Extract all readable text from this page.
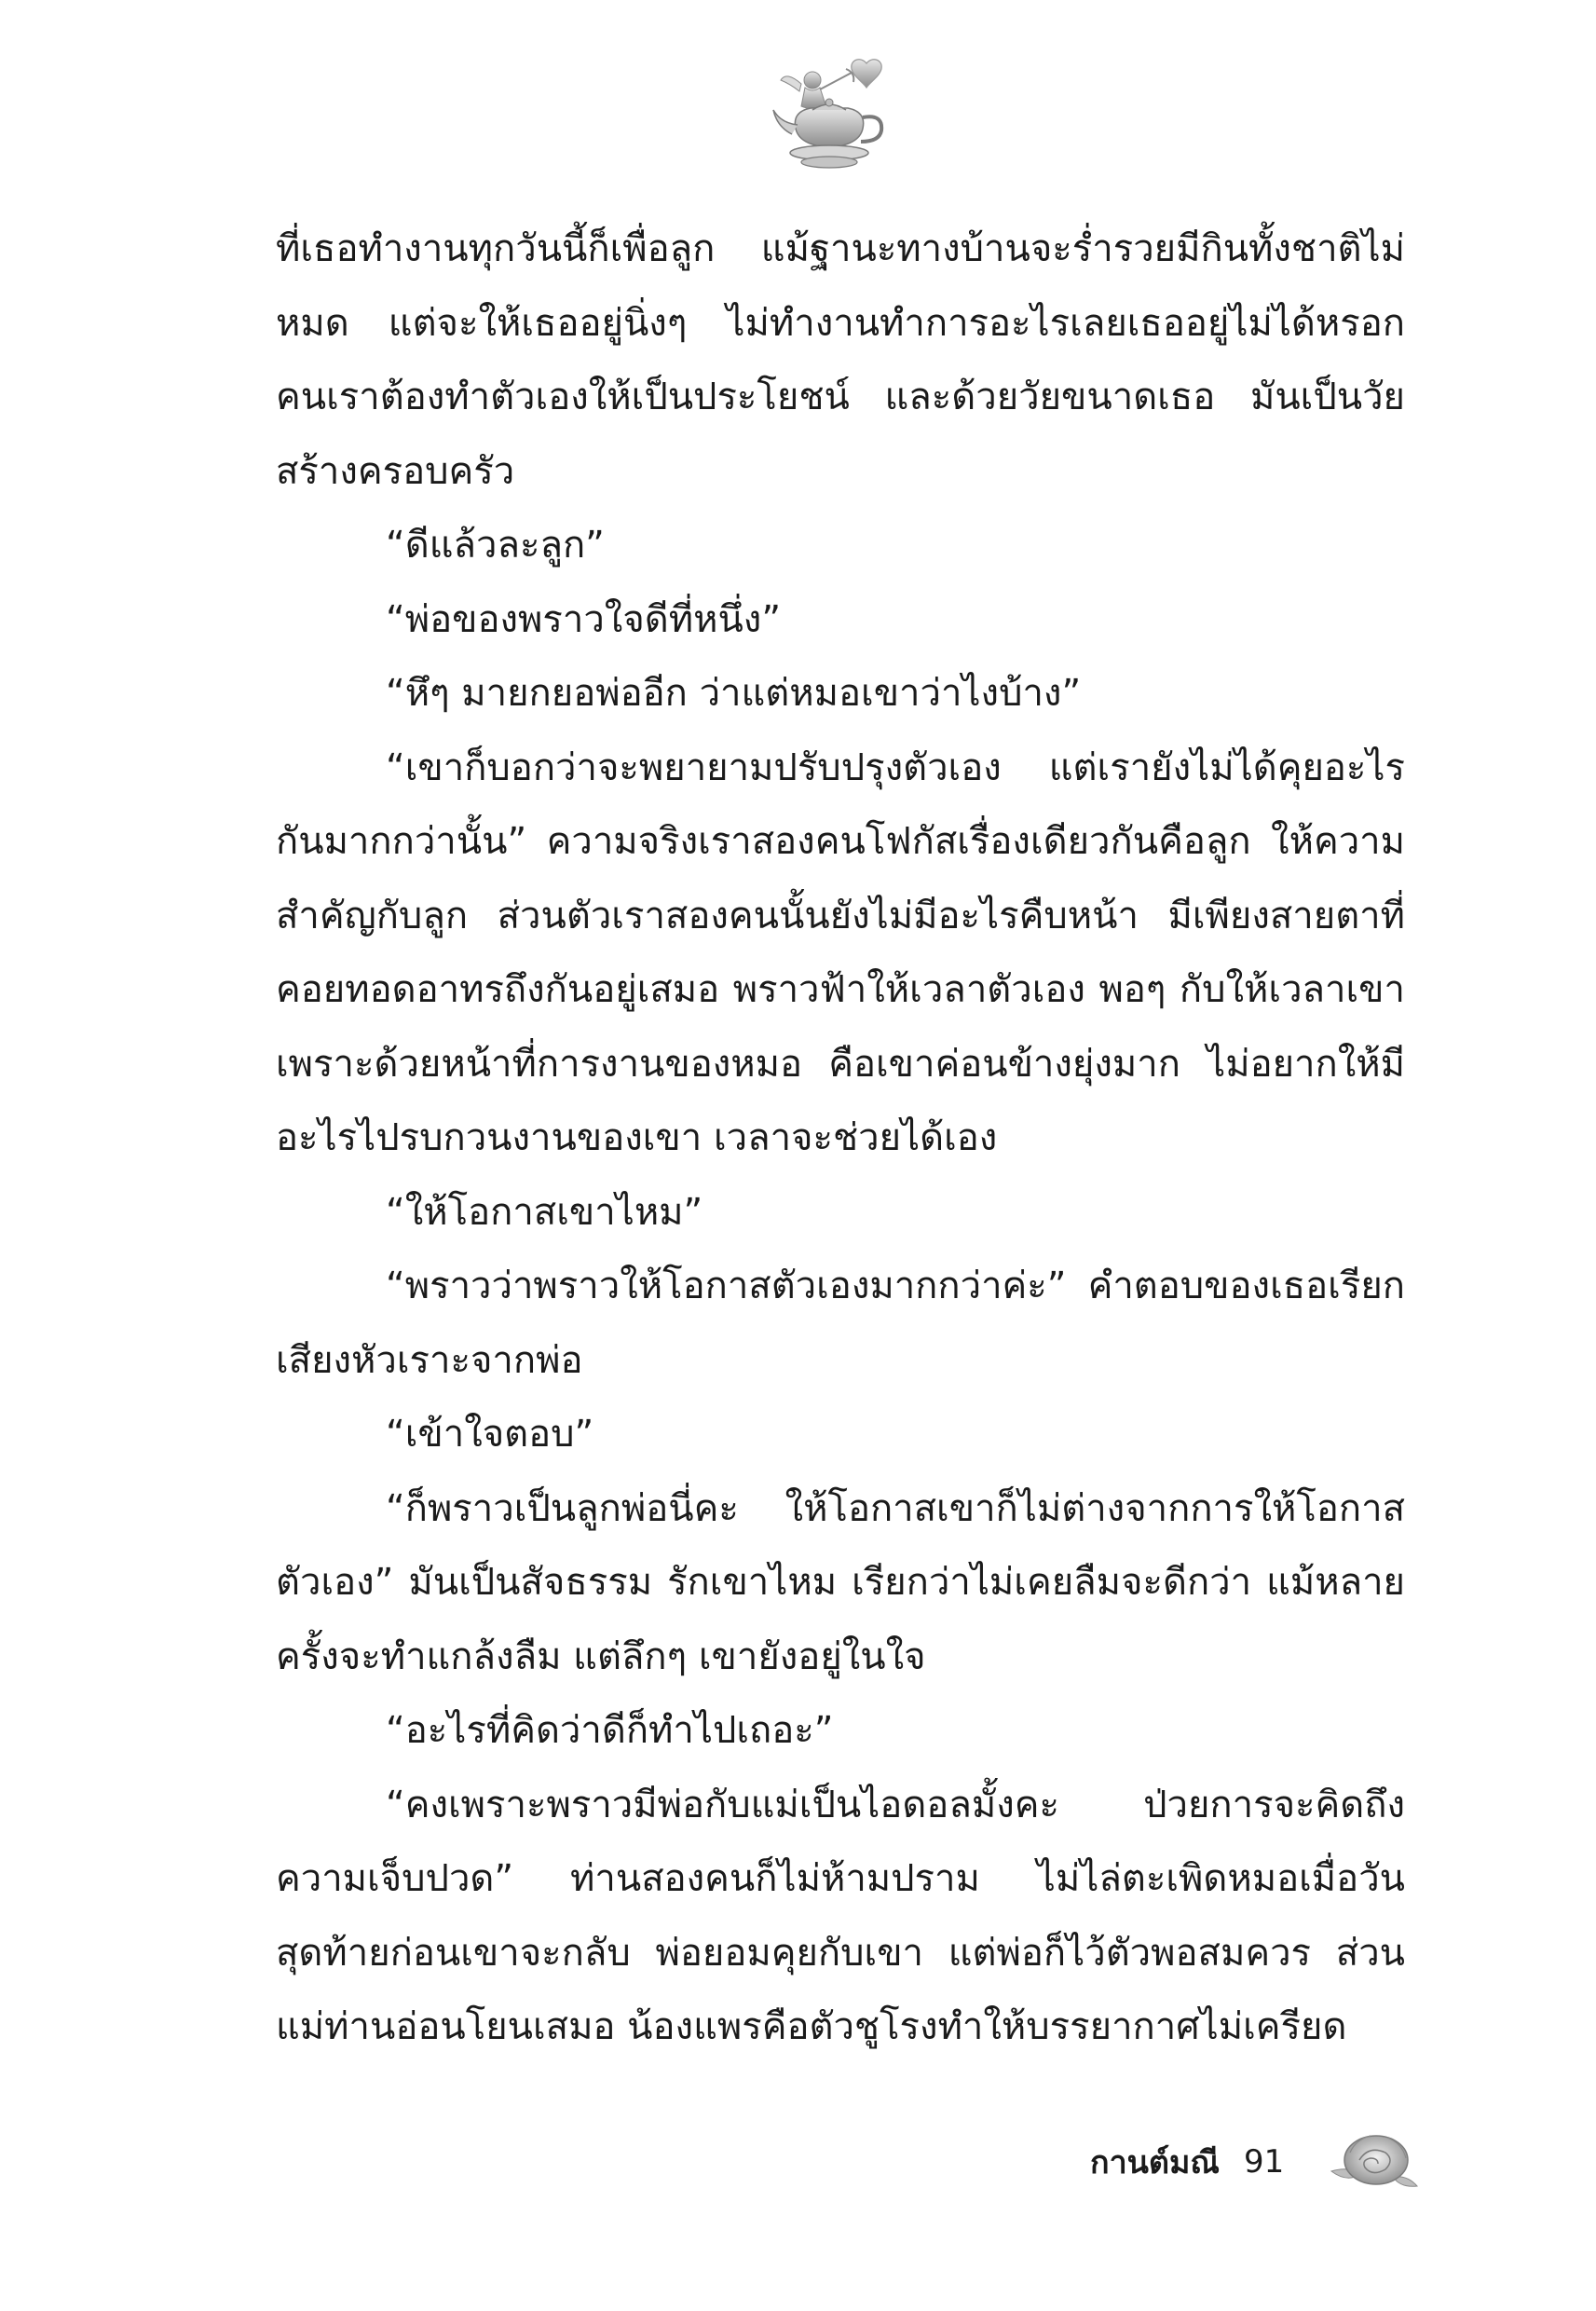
ที่เธอทำงานทุกวันนี้ก็เพื่อลูก แม้ฐานะทางบ้านจะร่ำรวยมีกินทั้งชาติไม่หมด แต่จะให้เธออยู่นิ่งๆ ไม่ทำงานทำการอะไรเลยเธออยู่ไม่ได้หรอก คนเราต้องทำตัวเองให้เป็นประโยชน์ และด้วยวัยขนาดเธอ มันเป็นวัยสร้างครอบครัว

“ดีแล้วละลูก”

“พ่อของพราวใจดีที่หนึ่ง”

“หึๆ มายกยอพ่ออีก ว่าแต่หมอเขาว่าไงบ้าง”

“เขาก็บอกว่าจะพยายามปรับปรุงตัวเอง แต่เรายังไม่ได้คุยอะไรกันมากกว่านั้น” ความจริงเราสองคนโฟกัสเรื่องเดียวกันคือลูก ให้ความสำคัญกับลูก ส่วนตัวเราสองคนนั้นยังไม่มีอะไรคืบหน้า มีเพียงสายตาที่คอยทอดอาทรถึงกันอยู่เสมอ พราวฟ้าให้เวลาตัวเอง พอๆ กับให้เวลาเขา เพราะด้วยหน้าที่การงานของหมอ คือเขาค่อนข้างยุ่งมาก ไม่อยากให้มีอะไรไปรบกวนงานของเขา เวลาจะช่วยได้เอง

“ให้โอกาสเขาไหม”

“พราวว่าพราวให้โอกาสตัวเองมากกว่าค่ะ” คำตอบของเธอเรียกเสียงหัวเราะจากพ่อ

“เข้าใจตอบ”

“ก็พราวเป็นลูกพ่อนี่คะ ให้โอกาสเขาก็ไม่ต่างจากการให้โอกาสตัวเอง” มันเป็นสัจธรรม รักเขาไหม เรียกว่าไม่เคยลืมจะดีกว่า แม้หลายครั้งจะทำแกล้งลืม แต่ลึกๆ เขายังอยู่ในใจ

“อะไรที่คิดว่าดีก็ทำไปเถอะ”

“คงเพราะพราวมีพ่อกับแม่เป็นไอดอลมั้งคะ ป่วยการจะคิดถึงความเจ็บปวด” ท่านสองคนก็ไม่ห้ามปราม ไม่ไล่ตะเพิดหมอเมื่อวันสุดท้ายก่อนเขาจะกลับ พ่อยอมคุยกับเขา แต่พ่อก็ไว้ตัวพอสมควร ส่วนแม่ท่านอ่อนโยนเสมอ น้องแพรคือตัวชูโรงทำให้บรรยากาศไม่เครียด

กานต์มณี 91
